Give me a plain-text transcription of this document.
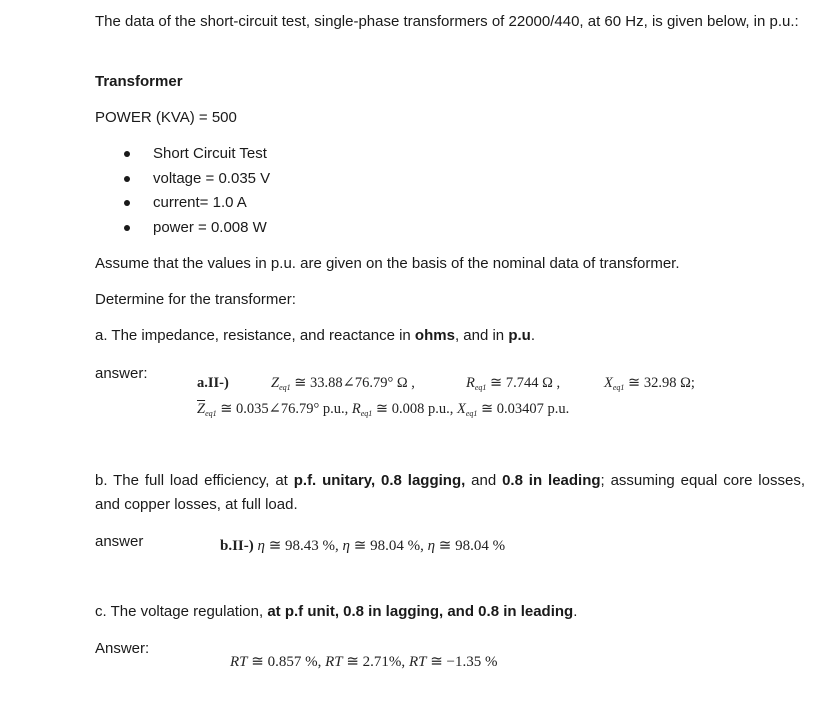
The data of the short-circuit test, single-phase transformers of 22000/440, at 60 Hz, is given below, in p.u.:
Transformer
POWER (KVA) = 500
Short Circuit Test
voltage = 0.035 V
current= 1.0 A
power = 0.008 W
Assume that the values in p.u. are given on the basis of the nominal data of transformer.
Determine for the transformer:
a. The impedance, resistance, and reactance in ohms, and in p.u.
answer:
a.II-)	$Z_{eq1}$ ≅ 33.88∠76.79° Ω ,	$R_{eq1}$ ≅ 7.744 Ω ,	$X_{eq1}$ ≅ 32.98 Ω;
$\overline{Z}_{eq1}$ ≅ 0.035∠76.79° p.u., $R_{eq1}$ ≅ 0.008 p.u., $X_{eq1}$ ≅ 0.03407 p.u.
b. The full load efficiency, at p.f. unitary, 0.8 lagging, and 0.8 in leading; assuming equal core losses, and copper losses, at full load.
answer	b.II-) η ≅ 98.43 %, η ≅ 98.04 %, η ≅ 98.04 %
c. The voltage regulation, at p.f unit, 0.8 in lagging, and 0.8 in leading.
Answer:
RT ≅ 0.857 %, RT ≅ 2.71%, RT ≅ −1.35 %
